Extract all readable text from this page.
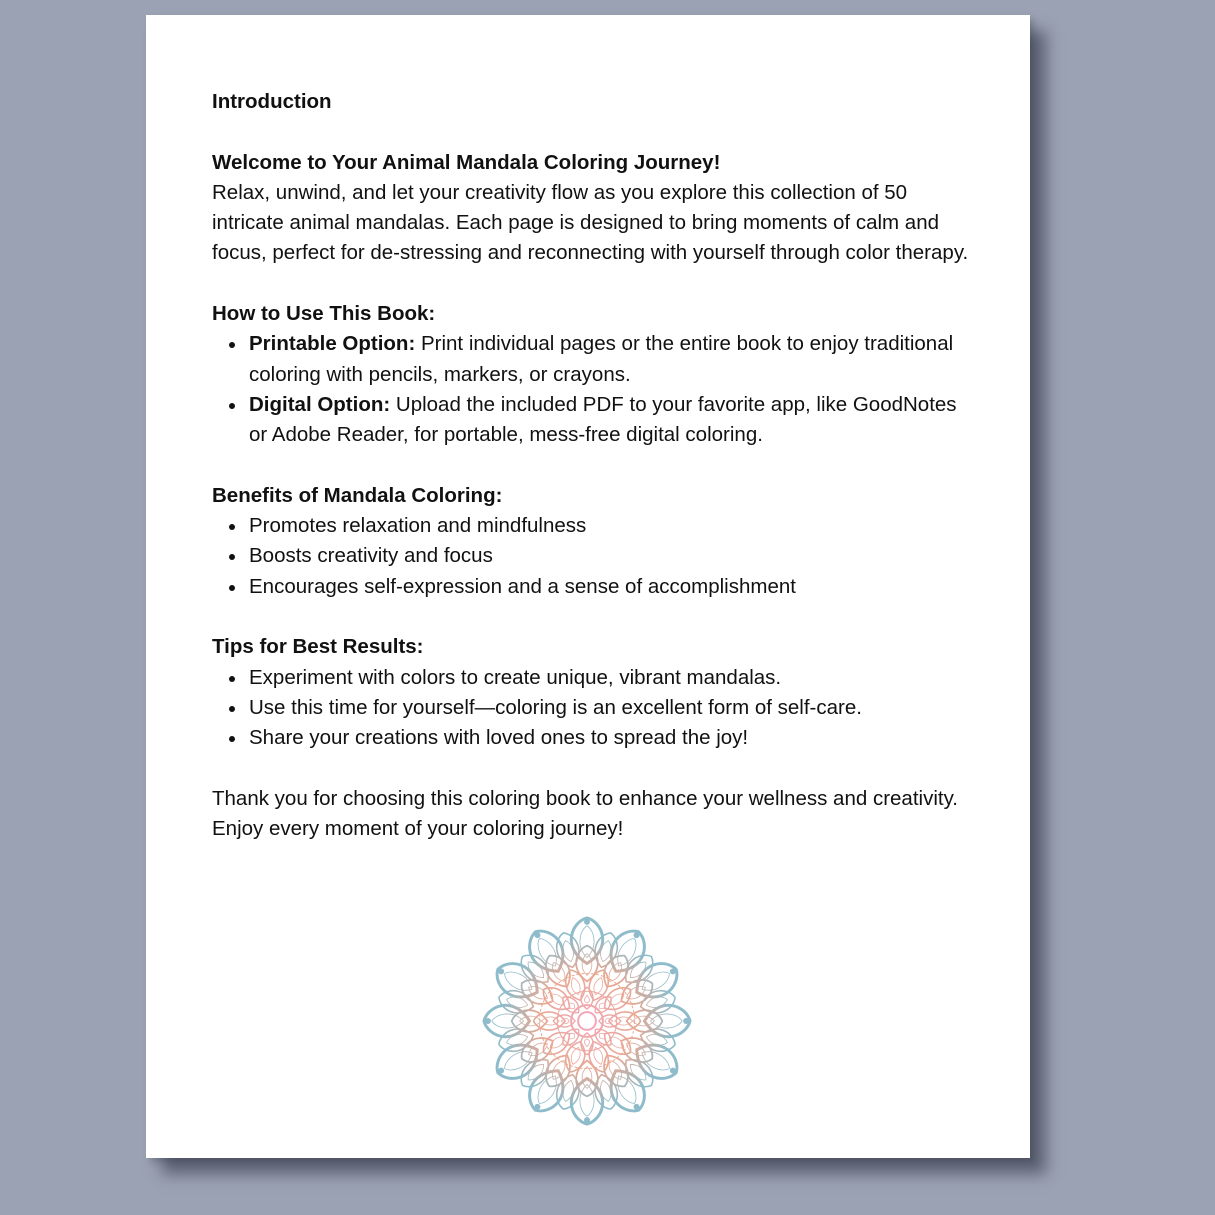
Introduction

Welcome to Your Animal Mandala Coloring Journey!

Relax, unwind, and let your creativity flow as you explore this collection of 50 intricate animal mandalas. Each page is designed to bring moments of calm and focus, perfect for de-stressing and reconnecting with yourself through color therapy.

How to Use This Book:

Printable Option: Print individual pages or the entire book to enjoy traditional coloring with pencils, markers, or crayons.
Digital Option: Upload the included PDF to your favorite app, like GoodNotes or Adobe Reader, for portable, mess-free digital coloring.

Benefits of Mandala Coloring:

Promotes relaxation and mindfulness
Boosts creativity and focus
Encourages self-expression and a sense of accomplishment

Tips for Best Results:

Experiment with colors to create unique, vibrant mandalas.
Use this time for yourself—coloring is an excellent form of self-care.
Share your creations with loved ones to spread the joy!

Thank you for choosing this coloring book to enhance your wellness and creativity. Enjoy every moment of your coloring journey!
